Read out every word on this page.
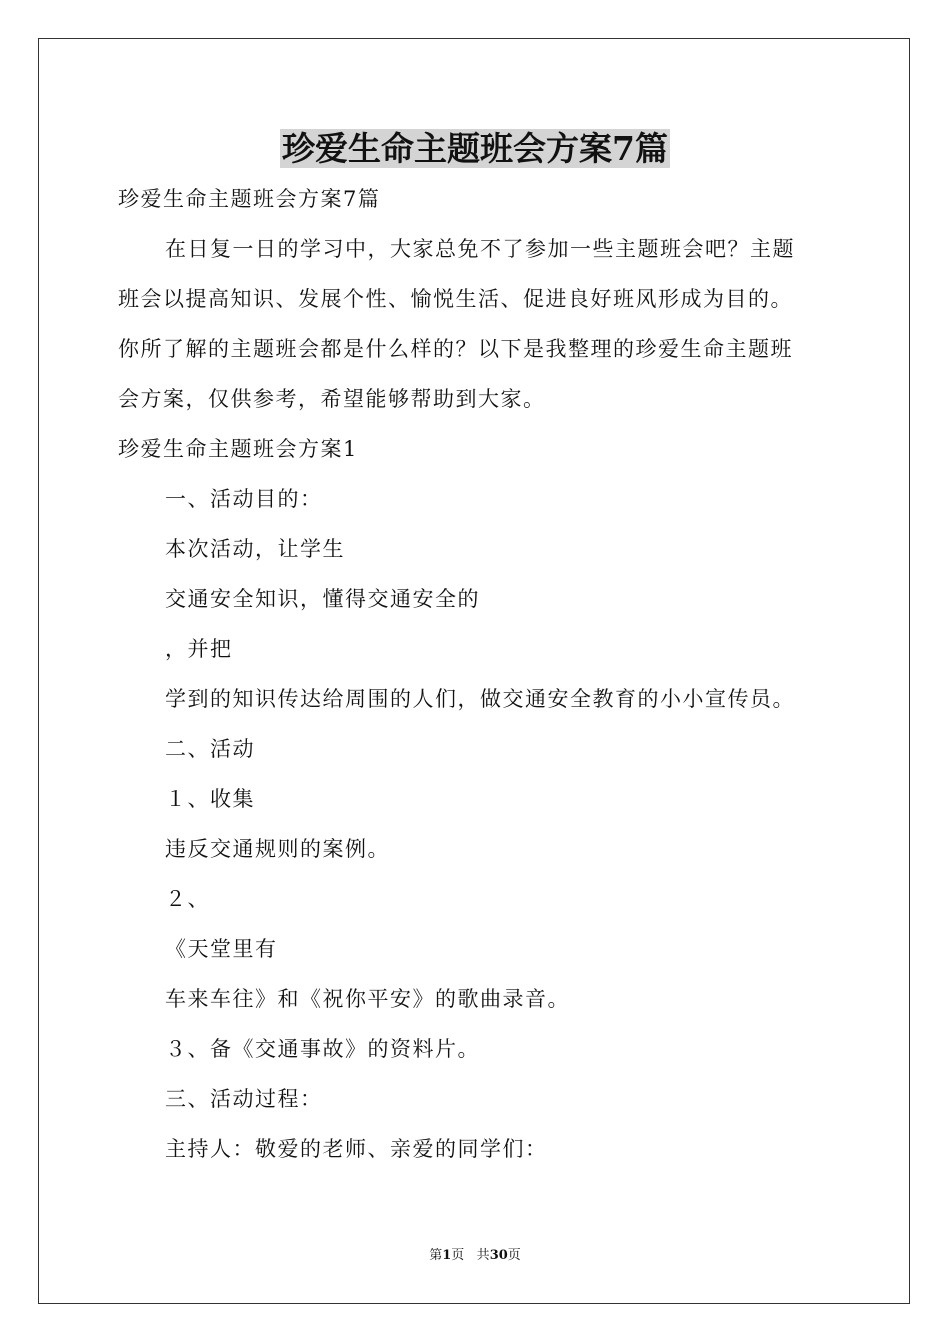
珍爱生命主题班会方案7篇
珍爱生命主题班会方案7篇
在日复一日的学习中，大家总免不了参加一些主题班会吧？主题
班会以提高知识、发展个性、愉悦生活、促进良好班风形成为目的。
你所了解的主题班会都是什么样的？以下是我整理的珍爱生命主题班
会方案，仅供参考，希望能够帮助到大家。
珍爱生命主题班会方案1
一、活动目的：
本次活动，让学生
交通安全知识，懂得交通安全的
，并把
学到的知识传达给周围的人们，做交通安全教育的小小宣传员。
二、活动
１、收集
违反交通规则的案例。
２、
《天堂里有
车来车往》和《祝你平安》的歌曲录音。
３、备《交通事故》的资料片。
三、活动过程：
主持人：敬爱的老师、亲爱的同学们：
第1页 共30页
